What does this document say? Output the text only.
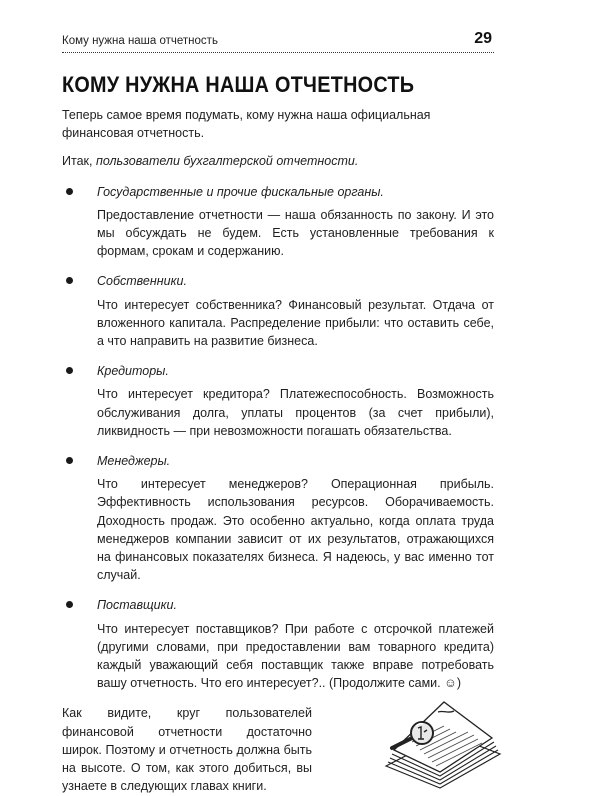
Кому нужна наша отчетность	29
КОМУ НУЖНА НАША ОТЧЕТНОСТЬ

Теперь самое время подумать, кому нужна наша официальная финансовая отчетность.

Итак, пользователи бухгалтерской отчетности.

Государственные и прочие фискальные органы.

Предоставление отчетности — наша обязанность по закону. И это мы обсуждать не будем. Есть установленные требования к формам, срокам и содержанию.

Собственники.

Что интересует собственника? Финансовый результат. Отдача от вложенного капитала. Распределение прибыли: что оставить себе, а что направить на развитие бизнеса.

Кредиторы.

Что интересует кредитора? Платежеспособность. Возможность обслуживания долга, уплаты процентов (за счет прибыли), ликвидность — при невозможности погашать обязательства.

Менеджеры.

Что интересует менеджеров? Операционная прибыль. Эффективность использования ресурсов. Оборачиваемость. Доходность продаж. Это особенно актуально, когда оплата труда менеджеров компании зависит от их результатов, отражающихся на финансовых показателях бизнеса. Я надеюсь, у вас именно тот случай.

Поставщики.

Что интересует поставщиков? При работе с отсрочкой платежей (другими словами, при предоставлении вам товарного кредита) каждый уважающий себя поставщик также вправе потребовать вашу отчетность. Что его интересует?.. (Продолжите сами. ☺)

Как видите, круг пользователей финансовой отчетности достаточно широк. Поэтому и отчетность должна быть на высоте. О том, как этого добиться, вы узнаете в следующих главах книги.
